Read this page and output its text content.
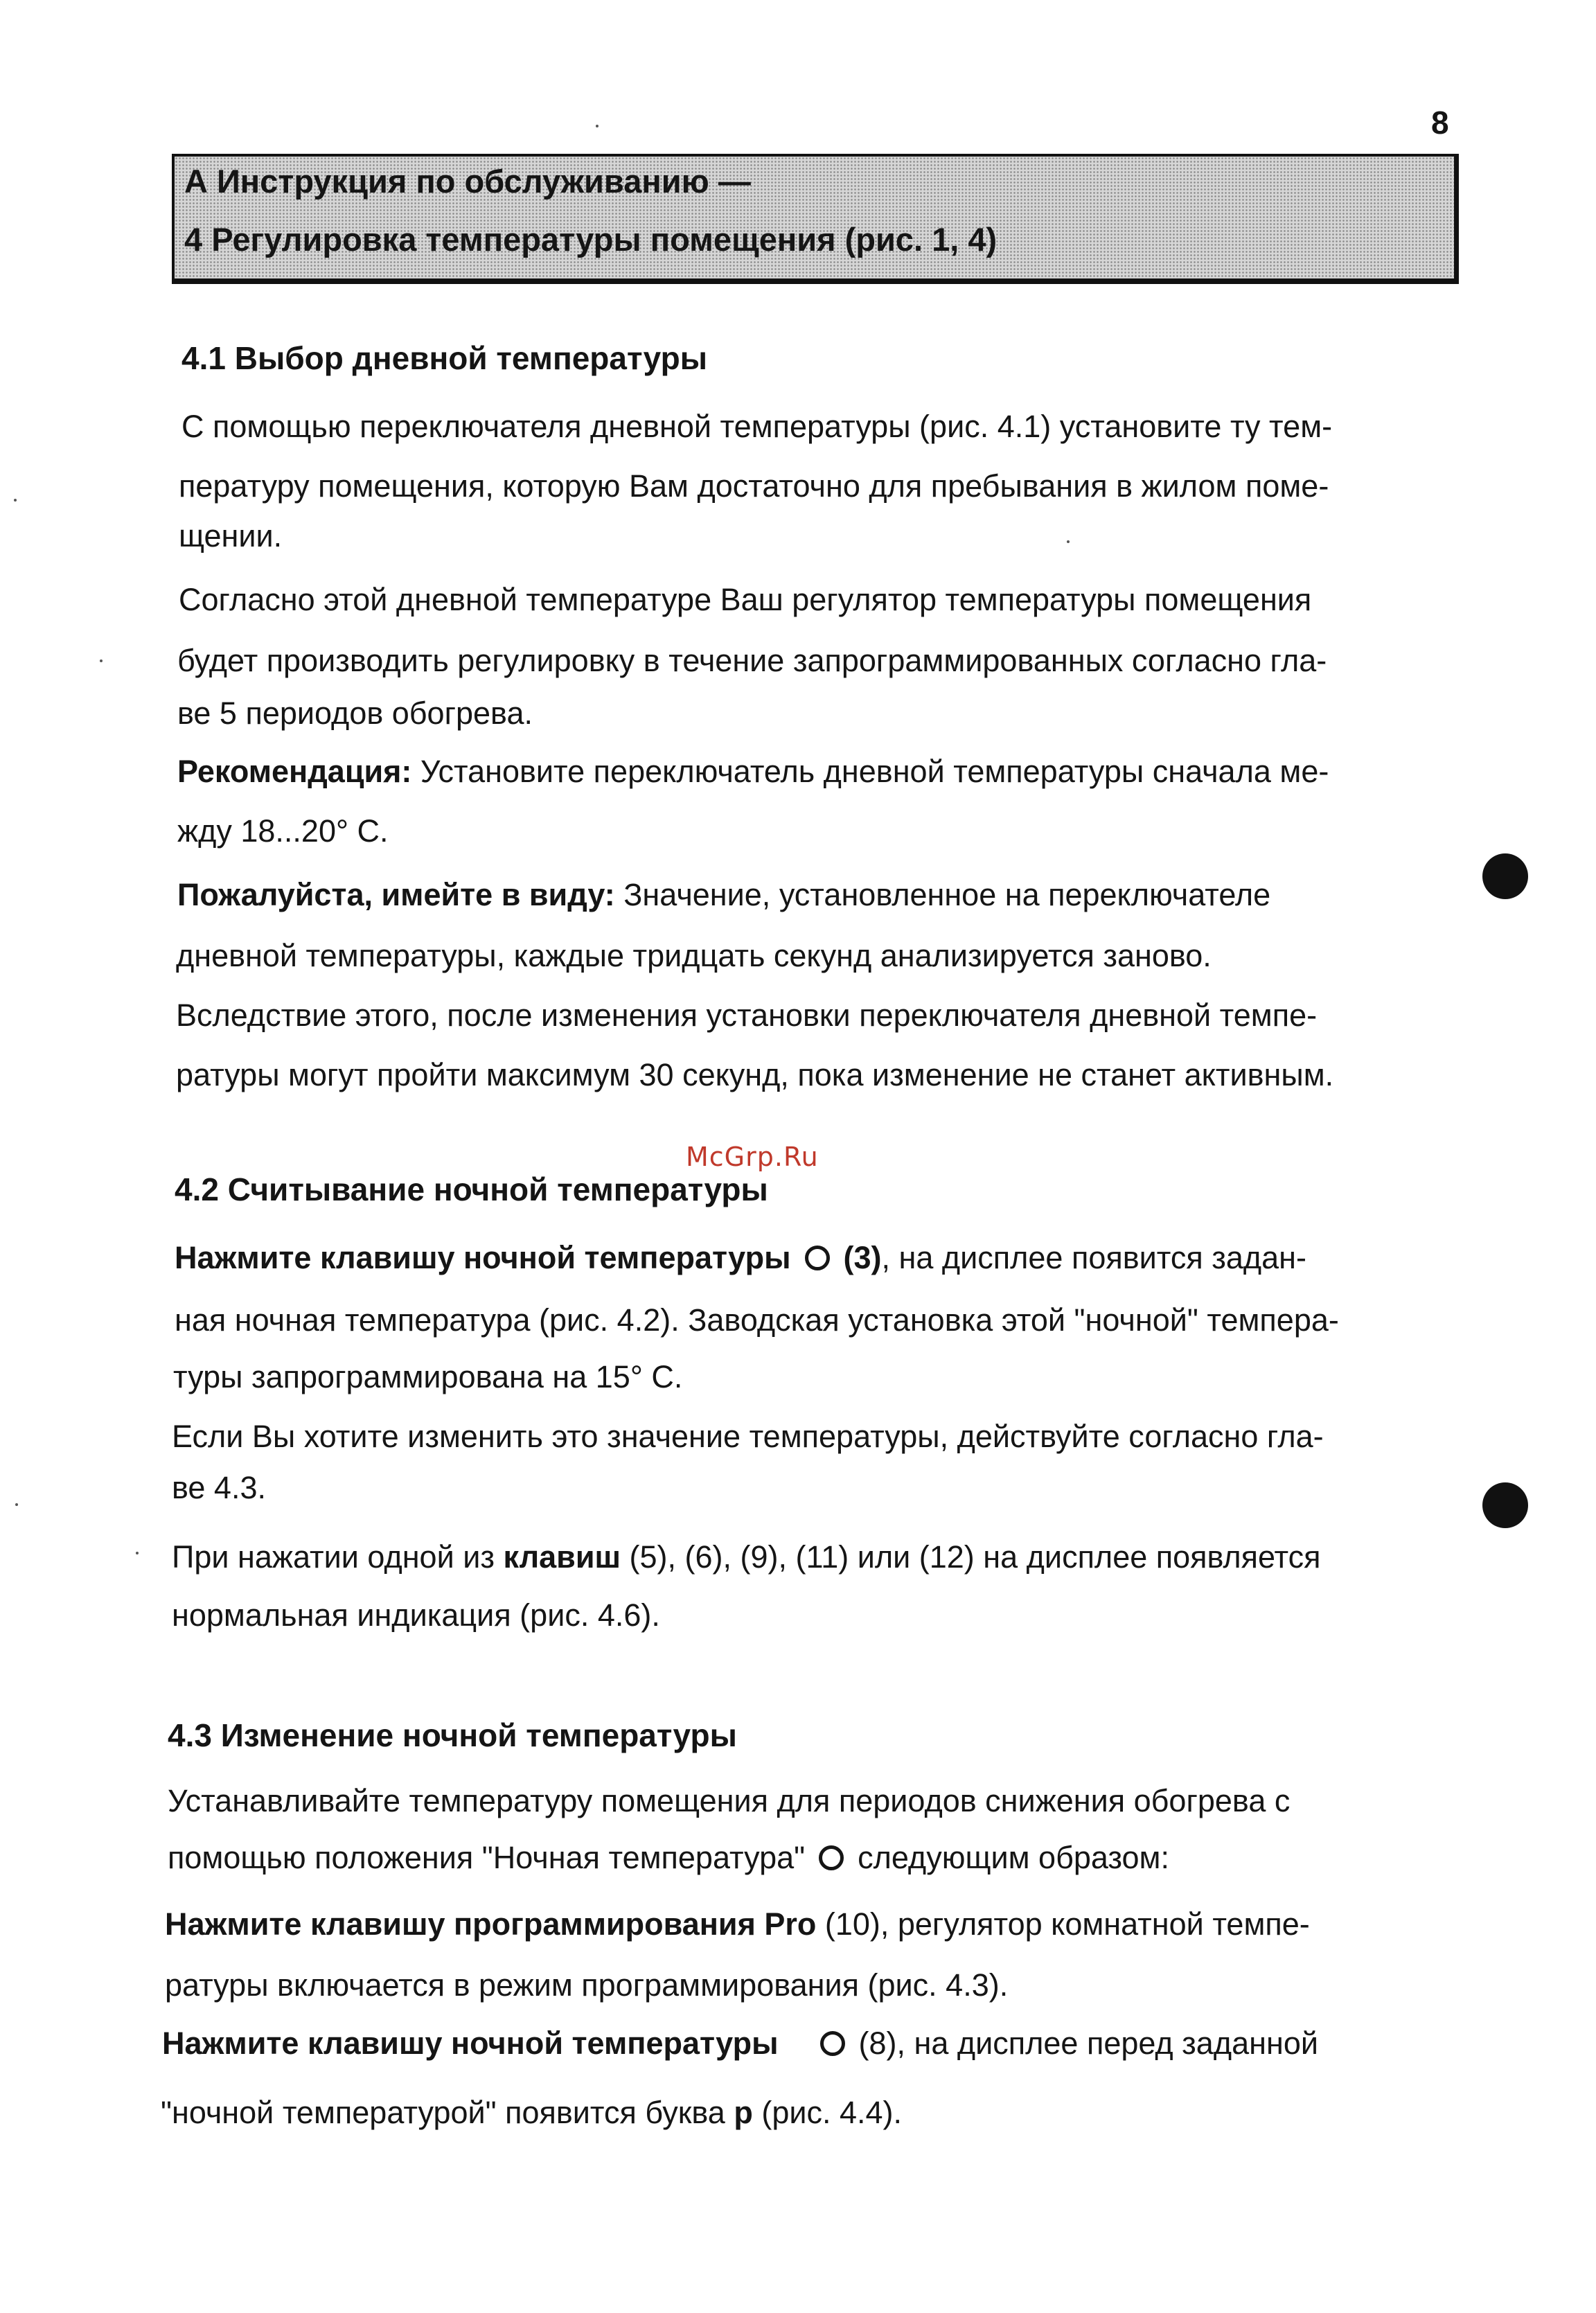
8
А Инструкция по обслуживанию —
4 Регулировка температуры помещения (рис. 1, 4)
4.1 Выбор дневной температуры
С помощью переключателя дневной температуры (рис. 4.1) установите ту тем-
пературу помещения, которую Вам достаточно для пребывания в жилом поме-
щении.
Согласно этой дневной температуре Ваш регулятор температуры помещения
будет производить регулировку в течение запрограммированных согласно гла-
ве 5 периодов обогрева.
Рекомендация: Установите переключатель дневной температуры сначала ме-
жду 18...20° С.
Пожалуйста, имейте в виду: Значение, установленное на переключателе
дневной температуры, каждые тридцать секунд анализируется заново.
Вследствие этого, после изменения установки переключателя дневной темпе-
ратуры могут пройти максимум 30 секунд, пока изменение не станет активным.
McGrp.Ru
4.2 Считывание ночной температуры
Нажмите клавишу ночной температуры (3), на дисплее появится задан-
ная ночная температура (рис. 4.2). Заводская установка этой "ночной" темпера-
туры запрограммирована на 15° С.
Если Вы хотите изменить это значение температуры, действуйте согласно гла-
ве 4.3.
При нажатии одной из клавиш (5), (6), (9), (11) или (12) на дисплее появляется
нормальная индикация (рис. 4.6).
4.3 Изменение ночной температуры
Устанавливайте температуру помещения для периодов снижения обогрева с
помощью положения "Ночная температура" следующим образом:
Нажмите клавишу программирования Pro (10), регулятор комнатной темпе-
ратуры включается в режим программирования (рис. 4.3).
Нажмите клавишу ночной температуры	(8), на дисплее перед заданной
"ночной температурой" появится буква р (рис. 4.4).
